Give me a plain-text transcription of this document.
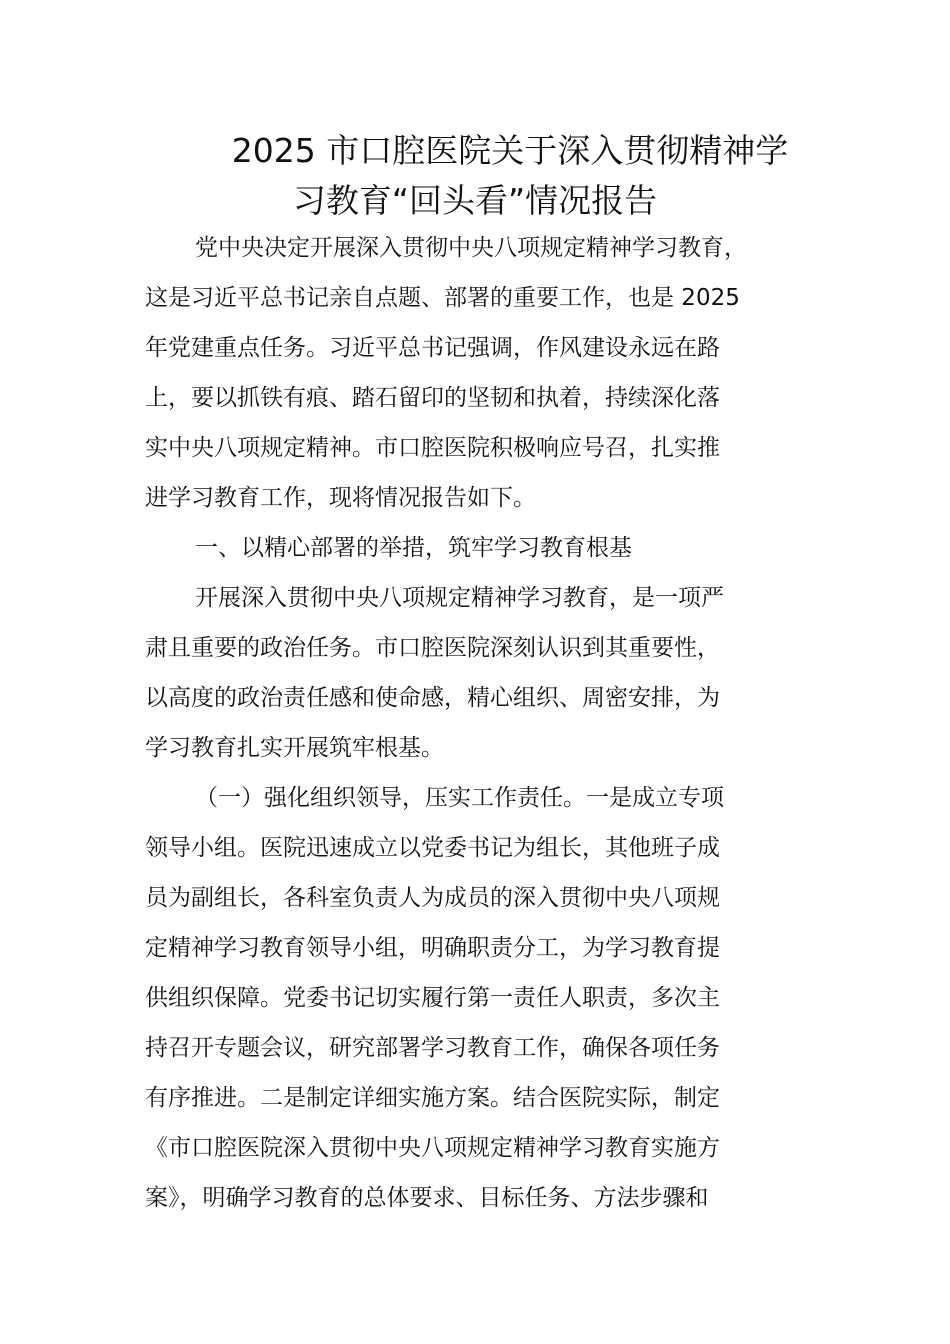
2025 市口腔医院关于深入贯彻精神学
习教育“回头看”情况报告

党中央决定开展深入贯彻中央八项规定精神学习教育，

这是习近平总书记亲自点题、部署的重要工作，也是 2025

年党建重点任务。习近平总书记强调，作风建设永远在路

上，要以抓铁有痕、踏石留印的坚韧和执着，持续深化落

实中央八项规定精神。市口腔医院积极响应号召，扎实推

进学习教育工作，现将情况报告如下。

一、以精心部署的举措，筑牢学习教育根基

开展深入贯彻中央八项规定精神学习教育，是一项严

肃且重要的政治任务。市口腔医院深刻认识到其重要性，

以高度的政治责任感和使命感，精心组织、周密安排，为

学习教育扎实开展筑牢根基。

（一）强化组织领导，压实工作责任。一是成立专项

领导小组。医院迅速成立以党委书记为组长，其他班子成

员为副组长，各科室负责人为成员的深入贯彻中央八项规

定精神学习教育领导小组，明确职责分工，为学习教育提

供组织保障。党委书记切实履行第一责任人职责，多次主

持召开专题会议，研究部署学习教育工作，确保各项任务

有序推进。二是制定详细实施方案。结合医院实际，制定

《市口腔医院深入贯彻中央八项规定精神学习教育实施方

案》，明确学习教育的总体要求、目标任务、方法步骤和
